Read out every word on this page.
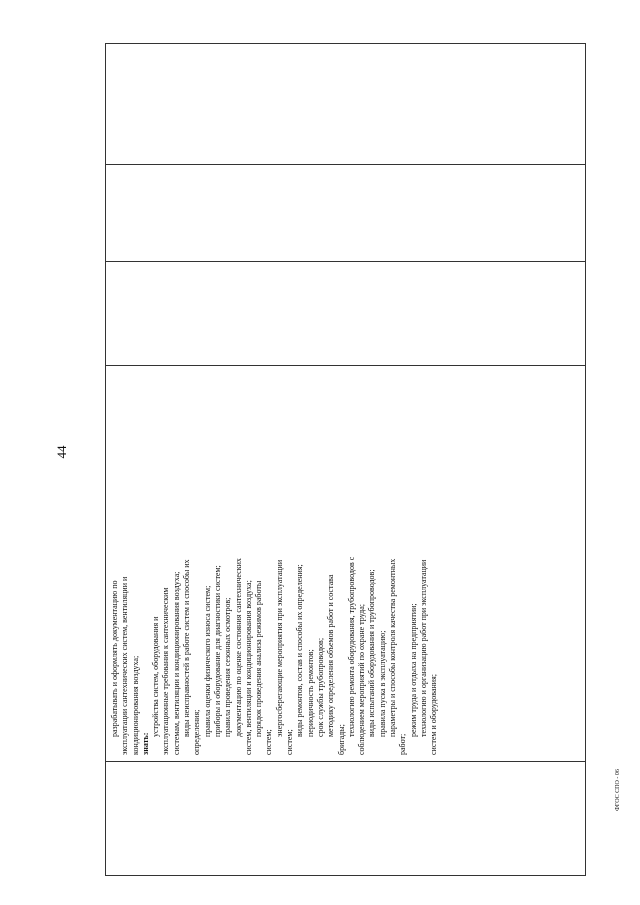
44

разрабатывать и оформлять документацию по эксплуатации сантехнических систем, вентиляции и кондиционирования воздуха; знать:
устройства систем, оборудования и эксплуатационные требования к сантехническим системам, вентиляции и кондиционирования воздуха; виды неисправностей в работе систем и способы их определения; правила оценки физического износа систем; приборы и оборудование для диагностики систем; правила проведения сезонных осмотров; документацию по оценке состояния сантехнических систем, вентиляции и кондиционирования воздуха; порядок проведения анализа режимов работы
систем;
энергосберегающие мероприятия при эксплуатации
систем;
виды ремонтов, состав и способы их определения; периодичность ремонтов; срок службы трубопроводов; методику определения объемов работ и состава
бригады;
технологию ремонта оборудования, трубопроводов с соблюдением мероприятий по охране труда; виды испытаний оборудования и трубопроводов; правила пуска в эксплуатацию; параметры и способы контроля качества ремонтных
работ;
режим труда и отдыха на предприятии; технологию и организацию работ при эксплуатации систем и оборудования;

ФГОС СПО - 06
